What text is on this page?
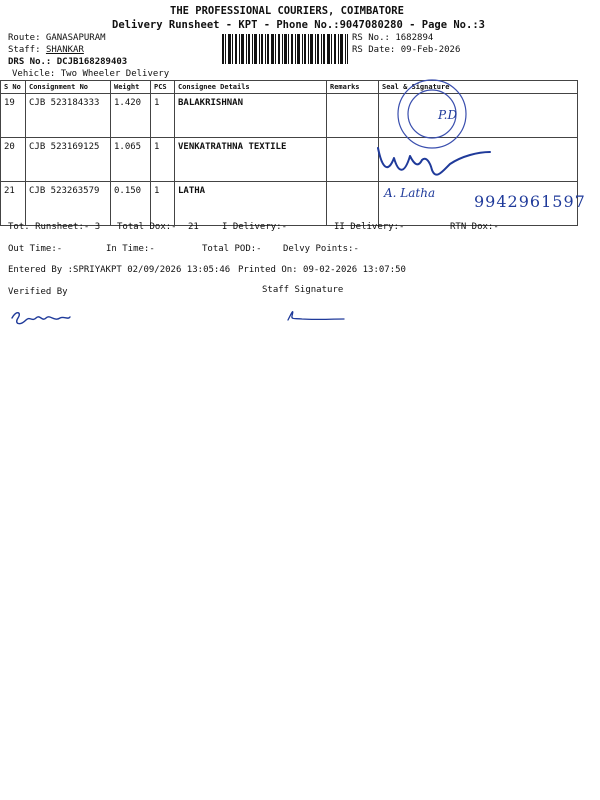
THE PROFESSIONAL COURIERS, COIMBATORE
Delivery Runsheet - KPT - Phone No.:9047080280 - Page No.:3
Route: GANASAPURAM
Staff: SHANKAR
DRS No.: DCJB168289403
Vehicle: Two Wheeler Delivery
RS No.: 1682894
RS Date: 09-Feb-2026
S No	Consignment No	Weight	PCS	Consignee Details	Remarks	Seal & Signature
19	CJB 523184333	1.420	1	BALAKRISHNAN		
20	CJB 523169125	1.065	1	VENKATRATHNA TEXTILE		
21	CJB 523263579	0.150	1	LATHA		
P.D
A. Latha 9942961597
Tot. Runsheet:- 3 Total Dox:- 21	I Delivery:-	II Delivery:-	RTN Dox:-
Out Time:-	In Time:-	Total POD:- Delvy Points:-
Entered By :SPRIYAKPT 02/09/2026 13:05:46 Printed On: 09-02-2026 13:07:50
Verified By	Staff Signature
